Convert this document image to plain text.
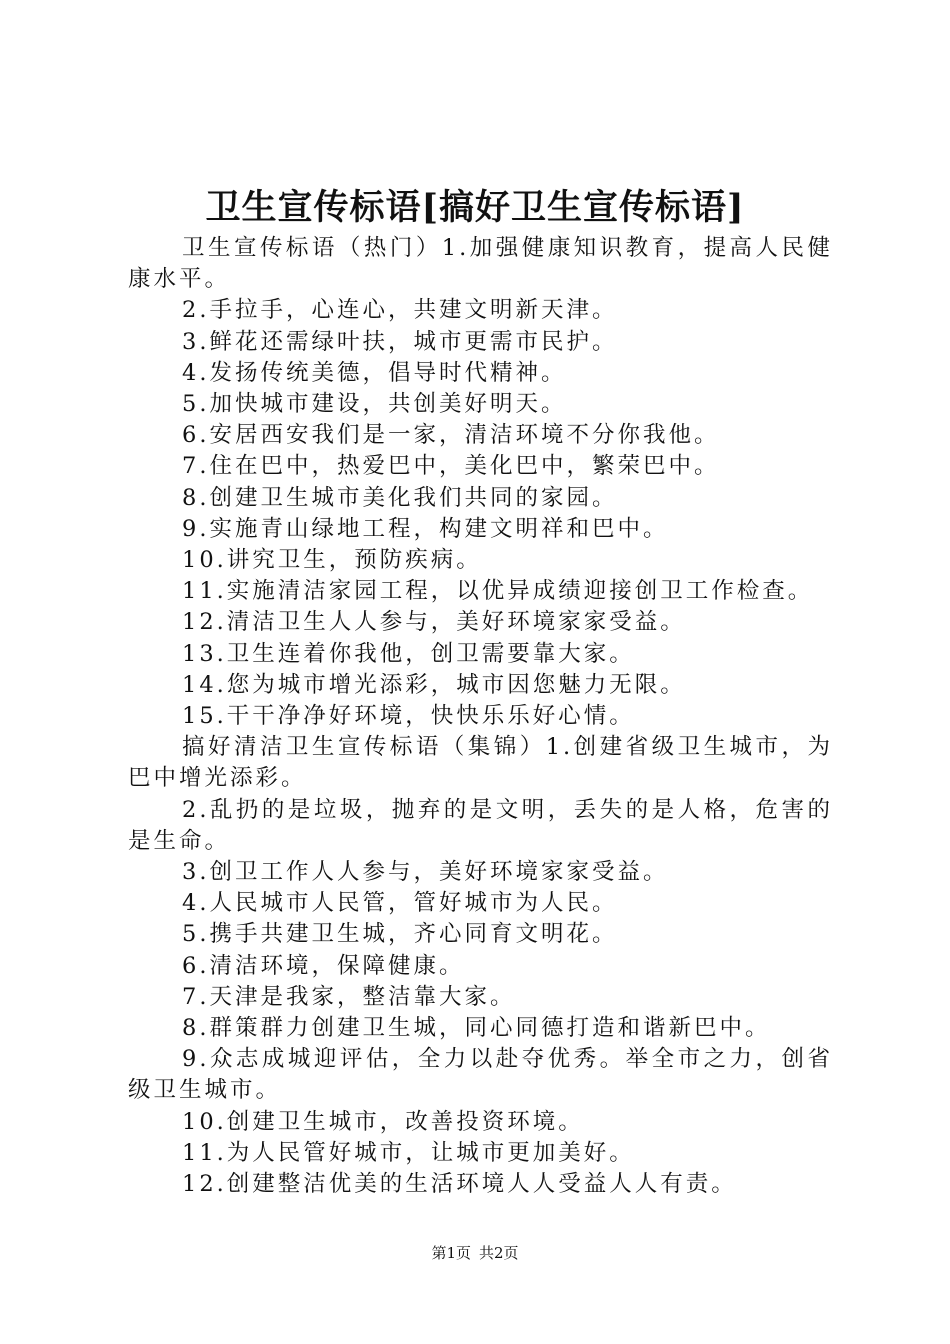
卫生宣传标语[搞好卫生宣传标语]

卫生宣传标语（热门）1.加强健康知识教育，提高人民健康水平。

2.手拉手，心连心，共建文明新天津。

3.鲜花还需绿叶扶，城市更需市民护。

4.发扬传统美德，倡导时代精神。

5.加快城市建设，共创美好明天。

6.安居西安我们是一家，清洁环境不分你我他。

7.住在巴中，热爱巴中，美化巴中，繁荣巴中。

8.创建卫生城市美化我们共同的家园。

9.实施青山绿地工程，构建文明祥和巴中。

10.讲究卫生，预防疾病。

11.实施清洁家园工程，以优异成绩迎接创卫工作检查。

12.清洁卫生人人参与，美好环境家家受益。

13.卫生连着你我他，创卫需要靠大家。

14.您为城市增光添彩，城市因您魅力无限。

15.干干净净好环境，快快乐乐好心情。

搞好清洁卫生宣传标语（集锦）1.创建省级卫生城市，为巴中增光添彩。

2.乱扔的是垃圾，抛弃的是文明，丢失的是人格，危害的是生命。

3.创卫工作人人参与，美好环境家家受益。

4.人民城市人民管，管好城市为人民。

5.携手共建卫生城，齐心同育文明花。

6.清洁环境，保障健康。

7.天津是我家，整洁靠大家。

8.群策群力创建卫生城，同心同德打造和谐新巴中。

9.众志成城迎评估，全力以赴夺优秀。举全市之力，创省级卫生城市。

10.创建卫生城市，改善投资环境。

11.为人民管好城市，让城市更加美好。

12.创建整洁优美的生活环境人人受益人人有责。

第1页 共2页
